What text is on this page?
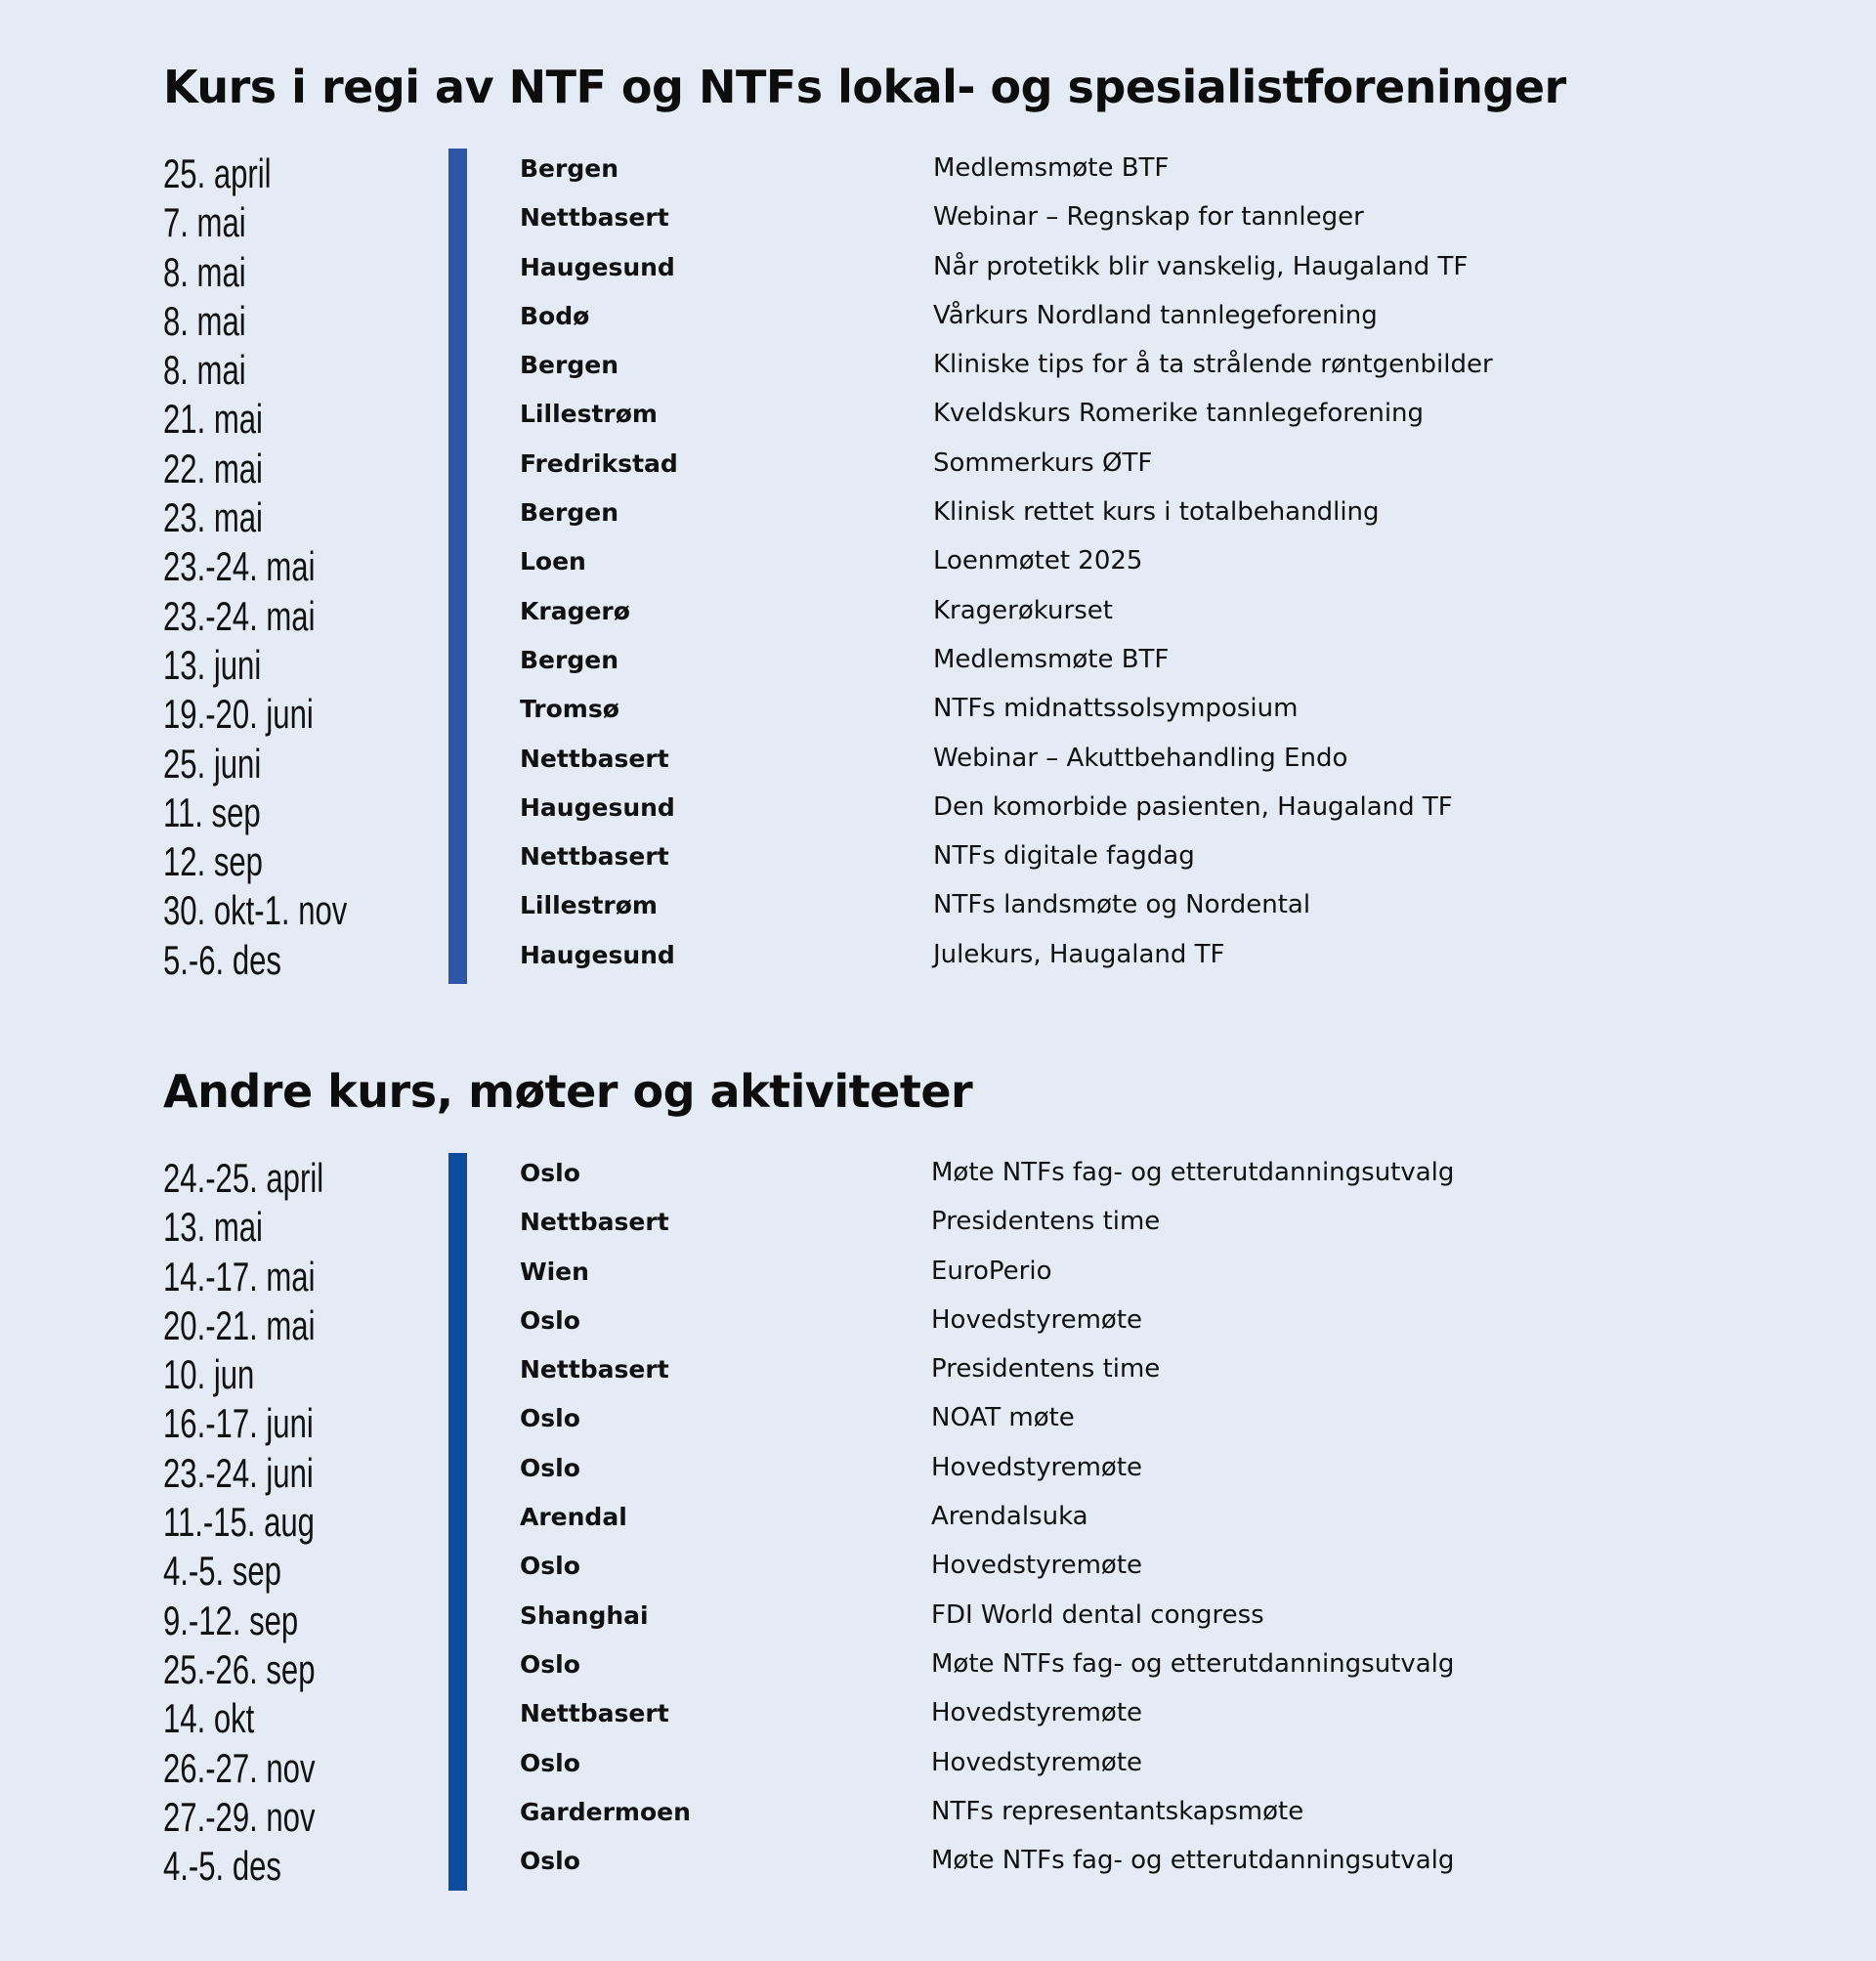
Kurs i regi av NTF og NTFs lokal- og spesialistforeninger
25. april	Bergen	Medlemsmøte BTF
7. mai	Nettbasert	Webinar – Regnskap for tannleger
8. mai	Haugesund	Når protetikk blir vanskelig, Haugaland TF
8. mai	Bodø	Vårkurs Nordland tannlegeforening
8. mai	Bergen	Kliniske tips for å ta strålende røntgenbilder
21. mai	Lillestrøm	Kveldskurs Romerike tannlegeforening
22. mai	Fredrikstad	Sommerkurs ØTF
23. mai	Bergen	Klinisk rettet kurs i totalbehandling
23.-24. mai	Loen	Loenmøtet 2025
23.-24. mai	Kragerø	Kragerøkurset
13. juni	Bergen	Medlemsmøte BTF
19.-20. juni	Tromsø	NTFs midnattssolsymposium
25. juni	Nettbasert	Webinar – Akuttbehandling Endo
11. sep	Haugesund	Den komorbide pasienten, Haugaland TF
12. sep	Nettbasert	NTFs digitale fagdag
30. okt-1. nov	Lillestrøm	NTFs landsmøte og Nordental
5.-6. des	Haugesund	Julekurs, Haugaland TF
Andre kurs, møter og aktiviteter
24.-25. april	Oslo	Møte NTFs fag- og etterutdanningsutvalg
13. mai	Nettbasert	Presidentens time
14.-17. mai	Wien	EuroPerio
20.-21. mai	Oslo	Hovedstyremøte
10. jun	Nettbasert	Presidentens time
16.-17. juni	Oslo	NOAT møte
23.-24. juni	Oslo	Hovedstyremøte
11.-15. aug	Arendal	Arendalsuka
4.-5. sep	Oslo	Hovedstyremøte
9.-12. sep	Shanghai	FDI World dental congress
25.-26. sep	Oslo	Møte NTFs fag- og etterutdanningsutvalg
14. okt	Nettbasert	Hovedstyremøte
26.-27. nov	Oslo	Hovedstyremøte
27.-29. nov	Gardermoen	NTFs representantskapsmøte
4.-5. des	Oslo	Møte NTFs fag- og etterutdanningsutvalg
